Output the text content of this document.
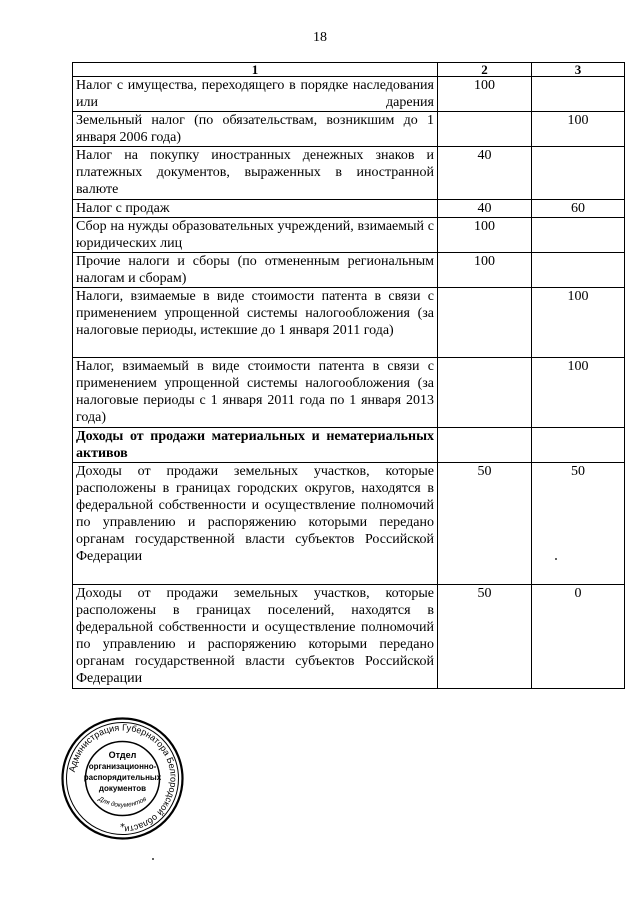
18
1	2	3
Налог с имущества, переходящего в порядке наследования или дарения	100	
Земельный налог (по обязательствам, возникшим до 1 января 2006 года)		100
Налог на покупку иностранных денежных знаков и платежных документов, выраженных в иностранной валюте	40	
Налог с продаж	40	60
Сбор на нужды образовательных учреждений, взимаемый с юридических лиц	100	
Прочие налоги и сборы (по отмененным региональным налогам и сборам)	100	
Налоги, взимаемые в виде стоимости патента в связи с применением упрощенной системы налогообложения (за налоговые периоды, истекшие до 1 января 2011 года)		100
Налог, взимаемый в виде стоимости патента в связи с применением упрощенной системы налогообложения (за налоговые периоды с 1 января 2011 года по 1 января 2013 года)		100
Доходы от продажи материальных и нематериальных активов		
Доходы от продажи земельных участков, которые расположены в границах городских округов, находятся в федеральной собственности и осуществление полномочий по управлению и распоряжению которыми передано органам государственной власти субъектов Российской Федерации	50	50
Доходы от продажи земельных участков, которые расположены в границах поселений, находятся в федеральной собственности и осуществление полномочий по управлению и распоряжению которыми передано органам государственной власти субъектов Российской Федерации	50	0
Администрация Губернатора Белгородской области
Отдел
организационно-
распорядительных
документов
Для документов
*
